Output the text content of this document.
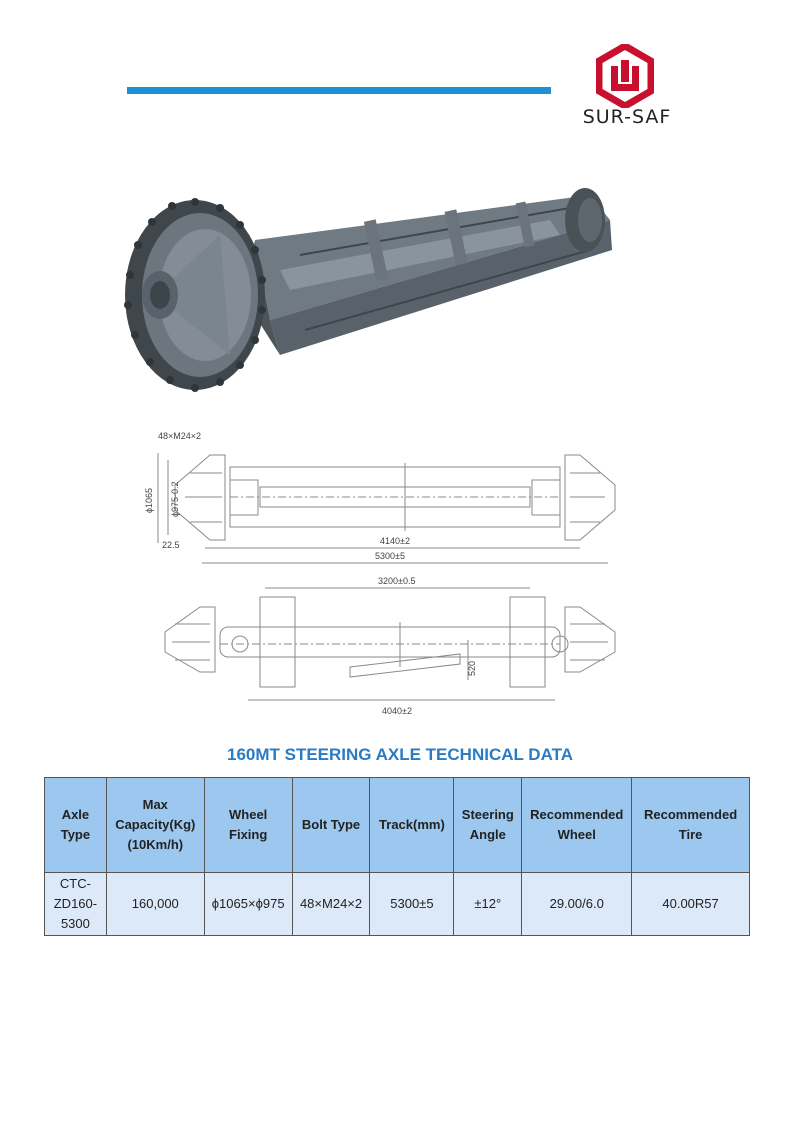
SUR-SAF
48×M24×2
ϕ1065 ϕ975-0.2
22.5	4140±2
5300±5
3200±0.5
520
4040±2
160MT STEERING AXLE TECHNICAL DATA
Axle Type	Max Capacity(Kg) (10Km/h)	Wheel Fixing	Bolt Type	Track(mm)	Steering Angle	Recommended Wheel	Recommended Tire
CTC-ZD160-5300	160,000	ϕ1065×ϕ975	48×M24×2	5300±5	±12°	29.00/6.0	40.00R57
